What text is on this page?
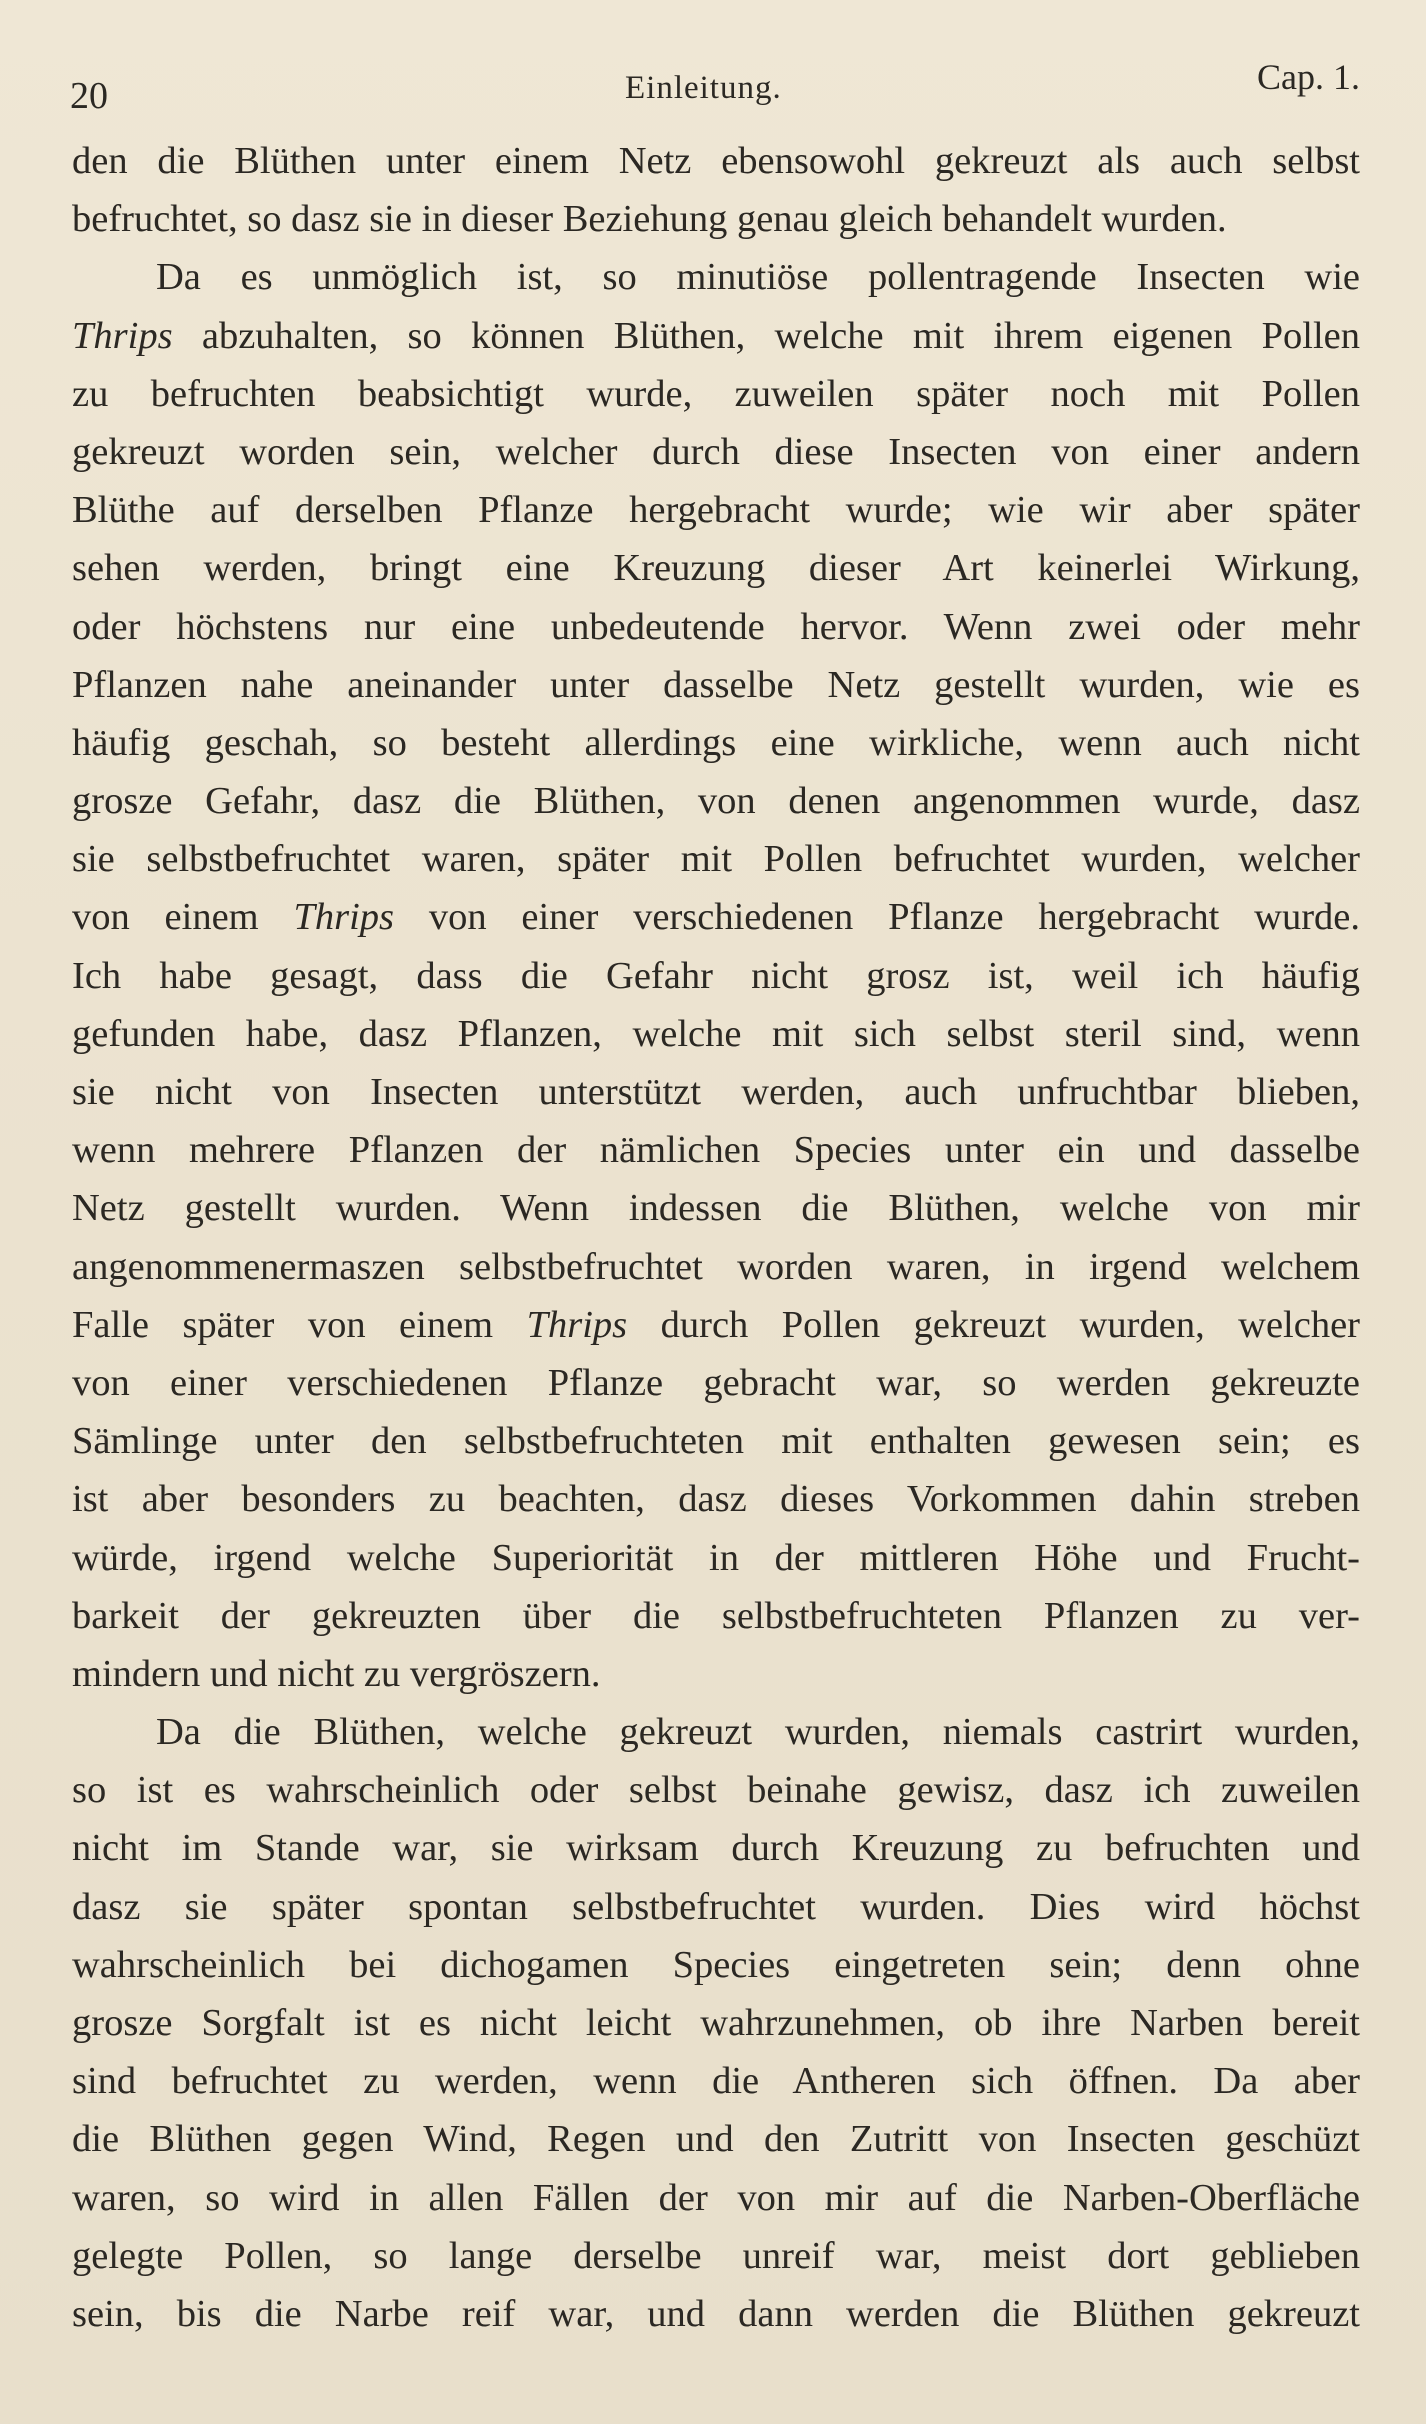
20	Einleitung.	Cap. 1.
den die Blüthen unter einem Netz ebensowohl gekreuzt als auch selbst
befruchtet, so dasz sie in dieser Beziehung genau gleich behandelt wurden.
Da es unmöglich ist, so minutiöse pollentragende Insecten wie
Thrips abzuhalten, so können Blüthen, welche mit ihrem eigenen Pollen
zu befruchten beabsichtigt wurde, zuweilen später noch mit Pollen
gekreuzt worden sein, welcher durch diese Insecten von einer andern
Blüthe auf derselben Pflanze hergebracht wurde; wie wir aber später
sehen werden, bringt eine Kreuzung dieser Art keinerlei Wirkung,
oder höchstens nur eine unbedeutende hervor. Wenn zwei oder mehr
Pflanzen nahe aneinander unter dasselbe Netz gestellt wurden, wie es
häufig geschah, so besteht allerdings eine wirkliche, wenn auch nicht
grosze Gefahr, dasz die Blüthen, von denen angenommen wurde, dasz
sie selbstbefruchtet waren, später mit Pollen befruchtet wurden, welcher
von einem Thrips von einer verschiedenen Pflanze hergebracht wurde.
Ich habe gesagt, dass die Gefahr nicht grosz ist, weil ich häufig
gefunden habe, dasz Pflanzen, welche mit sich selbst steril sind, wenn
sie nicht von Insecten unterstützt werden, auch unfruchtbar blieben,
wenn mehrere Pflanzen der nämlichen Species unter ein und dasselbe
Netz gestellt wurden. Wenn indessen die Blüthen, welche von mir
angenommenermaszen selbstbefruchtet worden waren, in irgend welchem
Falle später von einem Thrips durch Pollen gekreuzt wurden, welcher
von einer verschiedenen Pflanze gebracht war, so werden gekreuzte
Sämlinge unter den selbstbefruchteten mit enthalten gewesen sein; es
ist aber besonders zu beachten, dasz dieses Vorkommen dahin streben
würde, irgend welche Superiorität in der mittleren Höhe und Frucht-
barkeit der gekreuzten über die selbstbefruchteten Pflanzen zu ver-
mindern und nicht zu vergröszern.
Da die Blüthen, welche gekreuzt wurden, niemals castrirt wurden,
so ist es wahrscheinlich oder selbst beinahe gewisz, dasz ich zuweilen
nicht im Stande war, sie wirksam durch Kreuzung zu befruchten und
dasz sie später spontan selbstbefruchtet wurden. Dies wird höchst
wahrscheinlich bei dichogamen Species eingetreten sein; denn ohne
grosze Sorgfalt ist es nicht leicht wahrzunehmen, ob ihre Narben bereit
sind befruchtet zu werden, wenn die Antheren sich öffnen. Da aber
die Blüthen gegen Wind, Regen und den Zutritt von Insecten geschüzt
waren, so wird in allen Fällen der von mir auf die Narben-Oberfläche
gelegte Pollen, so lange derselbe unreif war, meist dort geblieben
sein, bis die Narbe reif war, und dann werden die Blüthen gekreuzt
